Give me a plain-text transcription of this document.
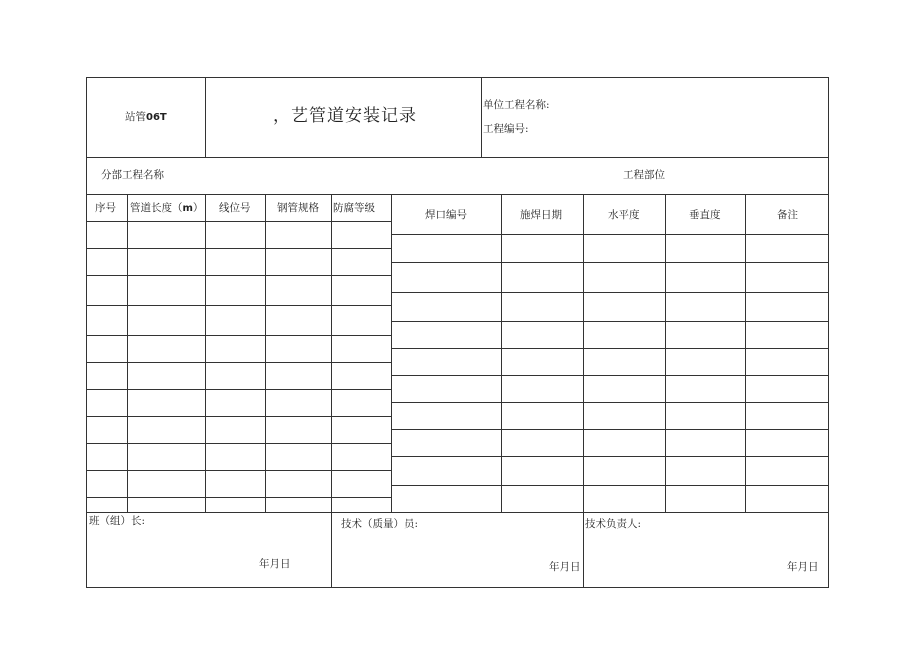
站管06T	，艺管道安装记录
单位工程名称:
工程编号:
分部工程名称	工程部位
序号 管道长度（m） 线位号	钢管规格 防腐等级
焊口编号	施焊日期	水平度	垂直度	备注
班（组）长:
年月日
技术（质量）员:
年月日
技术负责人:
年月日
